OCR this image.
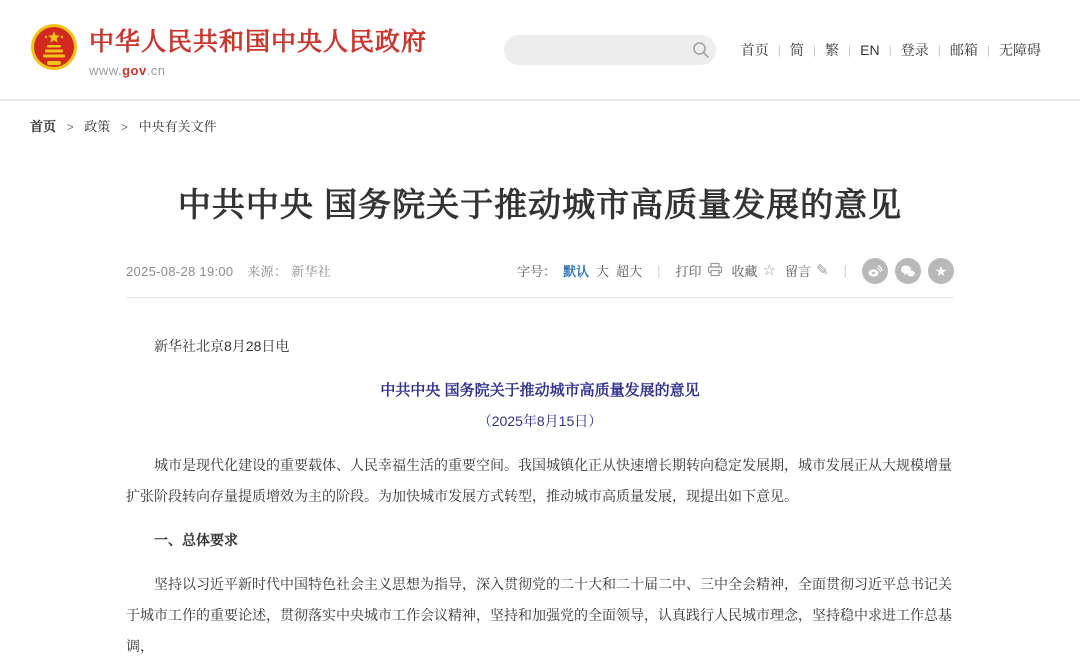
中华人民共和国中央人民政府
www.gov.cn
首页 | 简 | 繁 | EN | 登录 | 邮箱 | 无障碍
首页 > 政策 > 中央有关文件
中共中央 国务院关于推动城市高质量发展的意见
2025-08-28 19:00 来源： 新华社	字号： 默认 大 超大	|	打印 收藏 ☆ 留言 ✎	|	★

新华社北京8月28日电

中共中央 国务院关于推动城市高质量发展的意见

（2025年8月15日）

城市是现代化建设的重要载体、人民幸福生活的重要空间。我国城镇化正从快速增长期转向稳定发展期，城市发展正从大规模增量扩张阶段转向存量提质增效为主的阶段。为加快城市发展方式转型，推动城市高质量发展，现提出如下意见。

一、总体要求

坚持以习近平新时代中国特色社会主义思想为指导，深入贯彻党的二十大和二十届二中、三中全会精神，全面贯彻习近平总书记关于城市工作的重要论述，贯彻落实中央城市工作会议精神，坚持和加强党的全面领导，认真践行人民城市理念，坚持稳中求进工作总基调，
